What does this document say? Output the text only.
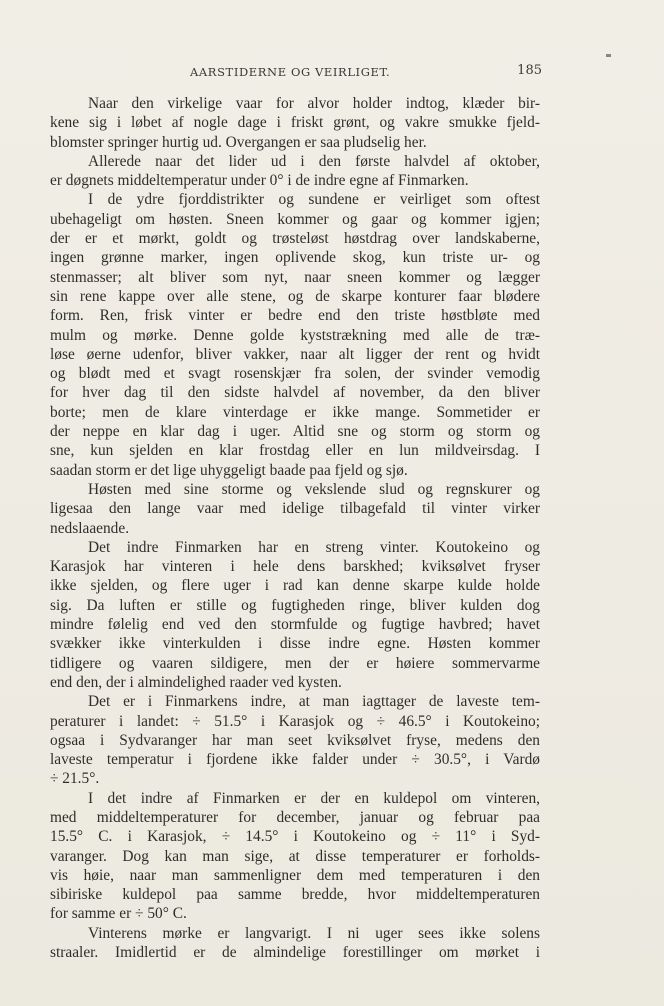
AARSTIDERNE OG VEIRLIGET.	185
Naar den virkelige vaar for alvor holder indtog, klæder bir-
kene sig i løbet af nogle dage i friskt grønt, og vakre smukke fjeld-
blomster springer hurtig ud. Overgangen er saa pludselig her.
Allerede naar det lider ud i den første halvdel af oktober,
er døgnets middeltemperatur under 0° i de indre egne af Finmarken.
I de ydre fjorddistrikter og sundene er veirliget som oftest
ubehageligt om høsten. Sneen kommer og gaar og kommer igjen;
der er et mørkt, goldt og trøsteløst høstdrag over landskaberne,
ingen grønne marker, ingen oplivende skog, kun triste ur- og
stenmasser; alt bliver som nyt, naar sneen kommer og lægger
sin rene kappe over alle stene, og de skarpe konturer faar blødere
form. Ren, frisk vinter er bedre end den triste høstbløte med
mulm og mørke. Denne golde kyststrækning med alle de træ-
løse øerne udenfor, bliver vakker, naar alt ligger der rent og hvidt
og blødt med et svagt rosenskjær fra solen, der svinder vemodig
for hver dag til den sidste halvdel af november, da den bliver
borte; men de klare vinterdage er ikke mange. Sommetider er
der neppe en klar dag i uger. Altid sne og storm og storm og
sne, kun sjelden en klar frostdag eller en lun mildveirsdag. I
saadan storm er det lige uhyggeligt baade paa fjeld og sjø.
Høsten med sine storme og vekslende slud og regnskurer og
ligesaa den lange vaar med idelige tilbagefald til vinter virker
nedslaaende.
Det indre Finmarken har en streng vinter. Koutokeino og
Karasjok har vinteren i hele dens barskhed; kviksølvet fryser
ikke sjelden, og flere uger i rad kan denne skarpe kulde holde
sig. Da luften er stille og fugtigheden ringe, bliver kulden dog
mindre følelig end ved den stormfulde og fugtige havbred; havet
svækker ikke vinterkulden i disse indre egne. Høsten kommer
tidligere og vaaren sildigere, men der er høiere sommervarme
end den, der i almindelighed raader ved kysten.
Det er i Finmarkens indre, at man iagttager de laveste tem-
peraturer i landet: ÷ 51.5° i Karasjok og ÷ 46.5° i Koutokeino;
ogsaa i Sydvaranger har man seet kviksølvet fryse, medens den
laveste temperatur i fjordene ikke falder under ÷ 30.5°, i Vardø
÷ 21.5°.
I det indre af Finmarken er der en kuldepol om vinteren,
med middeltemperaturer for december, januar og februar paa
15.5° C. i Karasjok, ÷ 14.5° i Koutokeino og ÷ 11° i Syd-
varanger. Dog kan man sige, at disse temperaturer er forholds-
vis høie, naar man sammenligner dem med temperaturen i den
sibiriske kuldepol paa samme bredde, hvor middeltemperaturen
for samme er ÷ 50° C.
Vinterens mørke er langvarigt. I ni uger sees ikke solens
straaler. Imidlertid er de almindelige forestillinger om mørket i
